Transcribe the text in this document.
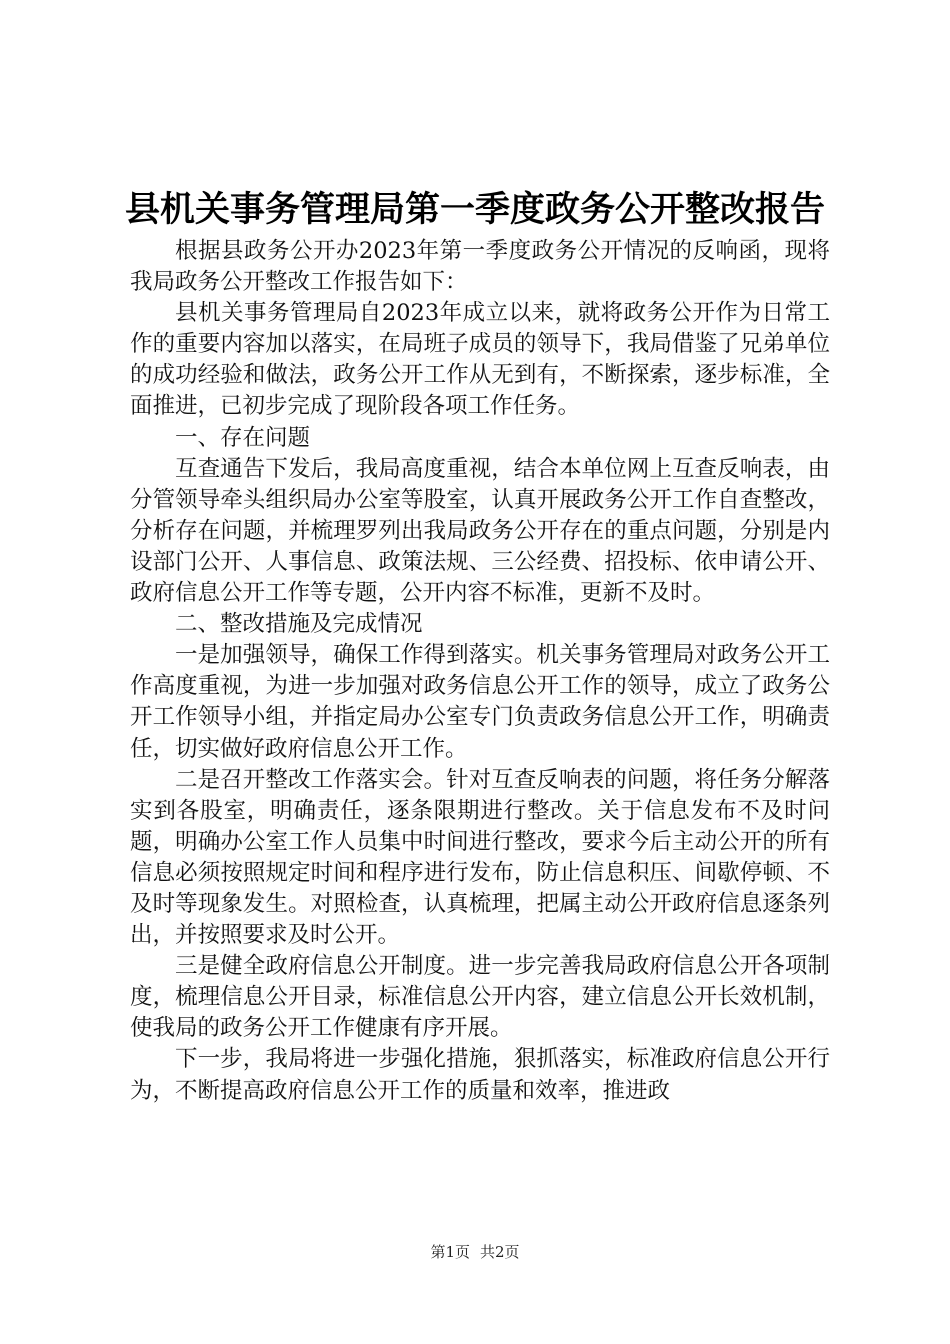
县机关事务管理局第一季度政务公开整改报告

根据县政务公开办2023年第一季度政务公开情况的反响函，现将我局政务公开整改工作报告如下：

县机关事务管理局自2023年成立以来，就将政务公开作为日常工作的重要内容加以落实，在局班子成员的领导下，我局借鉴了兄弟单位的成功经验和做法，政务公开工作从无到有，不断探索，逐步标准，全面推进，已初步完成了现阶段各项工作任务。

一、存在问题

互查通告下发后，我局高度重视，结合本单位网上互查反响表，由分管领导牵头组织局办公室等股室，认真开展政务公开工作自查整改，分析存在问题，并梳理罗列出我局政务公开存在的重点问题，分别是内设部门公开、人事信息、政策法规、三公经费、招投标、依申请公开、政府信息公开工作等专题，公开内容不标准，更新不及时。

二、整改措施及完成情况

一是加强领导，确保工作得到落实。机关事务管理局对政务公开工作高度重视，为进一步加强对政务信息公开工作的领导，成立了政务公开工作领导小组，并指定局办公室专门负责政务信息公开工作，明确责任，切实做好政府信息公开工作。

二是召开整改工作落实会。针对互查反响表的问题，将任务分解落实到各股室，明确责任，逐条限期进行整改。关于信息发布不及时问题，明确办公室工作人员集中时间进行整改，要求今后主动公开的所有信息必须按照规定时间和程序进行发布，防止信息积压、间歇停顿、不及时等现象发生。对照检查，认真梳理，把属主动公开政府信息逐条列出，并按照要求及时公开。

三是健全政府信息公开制度。进一步完善我局政府信息公开各项制度，梳理信息公开目录，标准信息公开内容，建立信息公开长效机制，使我局的政务公开工作健康有序开展。

下一步，我局将进一步强化措施，狠抓落实，标准政府信息公开行为，不断提高政府信息公开工作的质量和效率，推进政

第1页 共2页
